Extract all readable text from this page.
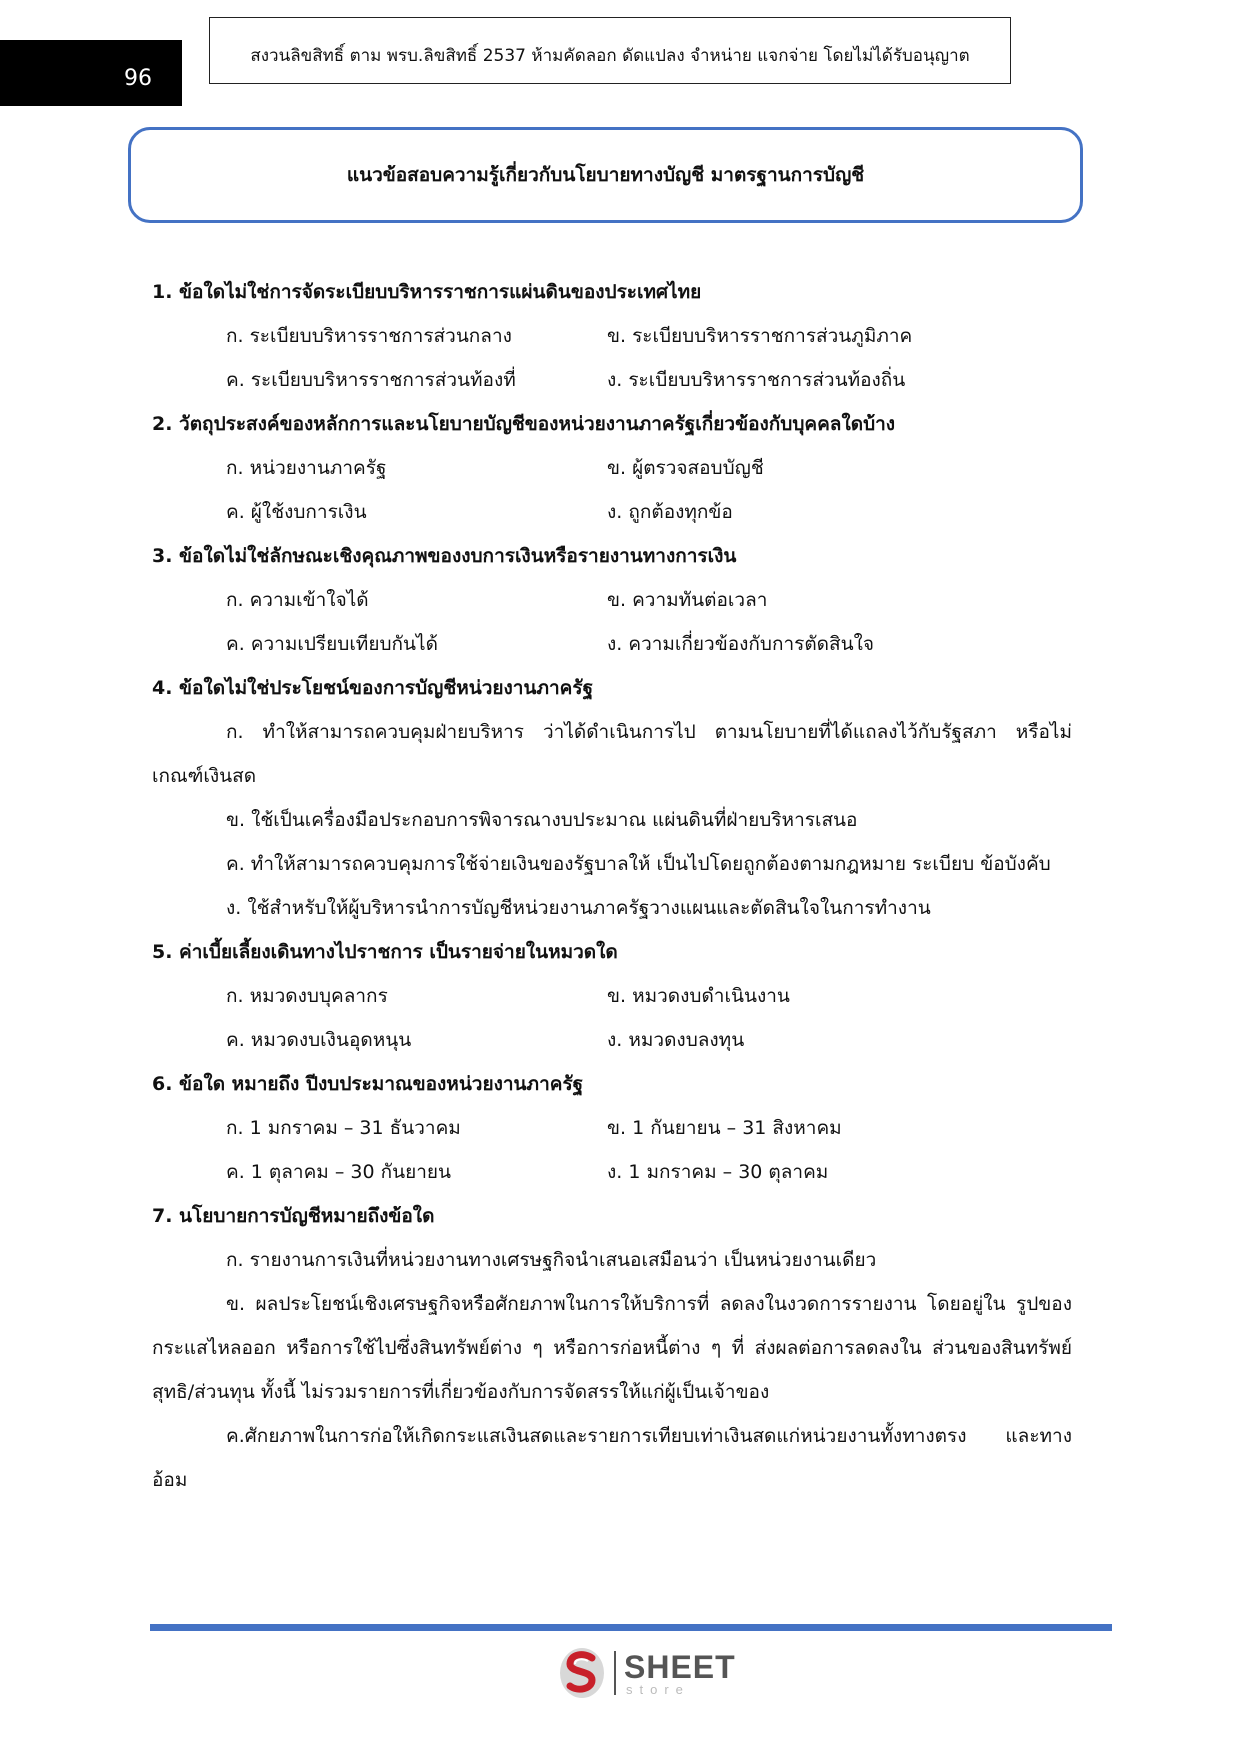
96
สงวนลิขสิทธิ์ ตาม พรบ.ลิขสิทธิ์ 2537 ห้ามคัดลอก ดัดแปลง จำหน่าย แจกจ่าย โดยไม่ได้รับอนุญาต
แนวข้อสอบความรู้เกี่ยวกับนโยบายทางบัญชี มาตรฐานการบัญชี
1. ข้อใดไม่ใช่การจัดระเบียบบริหารราชการแผ่นดินของประเทศไทย
ก. ระเบียบบริหารราชการส่วนกลาง	ข. ระเบียบบริหารราชการส่วนภูมิภาค
ค. ระเบียบบริหารราชการส่วนท้องที่	ง. ระเบียบบริหารราชการส่วนท้องถิ่น
2. วัตถุประสงค์ของหลักการและนโยบายบัญชีของหน่วยงานภาครัฐเกี่ยวข้องกับบุคคลใดบ้าง
ก. หน่วยงานภาครัฐ	ข. ผู้ตรวจสอบบัญชี
ค. ผู้ใช้งบการเงิน	ง. ถูกต้องทุกข้อ
3. ข้อใดไม่ใช่ลักษณะเชิงคุณภาพของงบการเงินหรือรายงานทางการเงิน
ก. ความเข้าใจได้	ข. ความทันต่อเวลา
ค. ความเปรียบเทียบกันได้	ง. ความเกี่ยวข้องกับการตัดสินใจ
4. ข้อใดไม่ใช่ประโยชน์ของการบัญชีหน่วยงานภาครัฐ
ก. ทำให้สามารถควบคุมฝ่ายบริหาร ว่าได้ดำเนินการไป ตามนโยบายที่ได้แถลงไว้กับรัฐสภา หรือไม่ เกณฑ์เงินสด
ข. ใช้เป็นเครื่องมือประกอบการพิจารณางบประมาณ แผ่นดินที่ฝ่ายบริหารเสนอ
ค. ทำให้สามารถควบคุมการใช้จ่ายเงินของรัฐบาลให้ เป็นไปโดยถูกต้องตามกฎหมาย ระเบียบ ข้อบังคับ
ง. ใช้สำหรับให้ผู้บริหารนำการบัญชีหน่วยงานภาครัฐวางแผนและตัดสินใจในการทำงาน
5. ค่าเบี้ยเลี้ยงเดินทางไปราชการ เป็นรายจ่ายในหมวดใด
ก. หมวดงบบุคลากร	ข. หมวดงบดำเนินงาน
ค. หมวดงบเงินอุดหนุน	ง. หมวดงบลงทุน
6. ข้อใด หมายถึง ปีงบประมาณของหน่วยงานภาครัฐ
ก. 1 มกราคม – 31 ธันวาคม	ข. 1 กันยายน – 31 สิงหาคม
ค. 1 ตุลาคม – 30 กันยายน	ง. 1 มกราคม – 30 ตุลาคม
7. นโยบายการบัญชีหมายถึงข้อใด
ก. รายงานการเงินที่หน่วยงานทางเศรษฐกิจนำเสนอเสมือนว่า เป็นหน่วยงานเดียว
ข. ผลประโยชน์เชิงเศรษฐกิจหรือศักยภาพในการให้บริการที่ ลดลงในงวดการรายงาน โดยอยู่ใน รูปของกระแสไหลออก หรือการใช้ไปซึ่งสินทรัพย์ต่าง ๆ หรือการก่อหนี้ต่าง ๆ ที่ ส่งผลต่อการลดลงใน ส่วนของสินทรัพย์สุทธิ/ส่วนทุน ทั้งนี้ ไม่รวมรายการที่เกี่ยวข้องกับการจัดสรรให้แก่ผู้เป็นเจ้าของ
ค.ศักยภาพในการก่อให้เกิดกระแสเงินสดและรายการเทียบเท่าเงินสดแก่หน่วยงานทั้งทางตรง และทางอ้อม
SHEET
store
